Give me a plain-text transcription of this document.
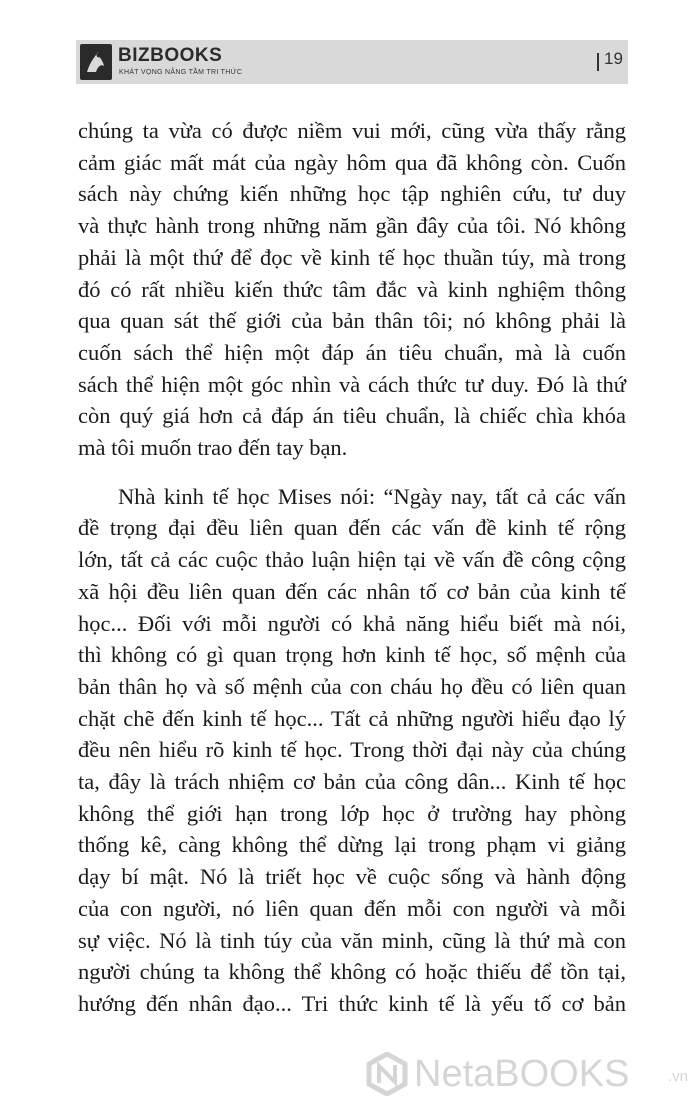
BIZBOOKS
KHÁT VỌNG NÂNG TẦM TRI THỨC
19
chúng ta vừa có được niềm vui mới, cũng vừa thấy rằng
cảm giác mất mát của ngày hôm qua đã không còn. Cuốn
sách này chứng kiến những học tập nghiên cứu, tư duy
và thực hành trong những năm gần đây của tôi. Nó không
phải là một thứ để đọc về kinh tế học thuần túy, mà trong
đó có rất nhiều kiến thức tâm đắc và kinh nghiệm thông
qua quan sát thế giới của bản thân tôi; nó không phải là
cuốn sách thể hiện một đáp án tiêu chuẩn, mà là cuốn
sách thể hiện một góc nhìn và cách thức tư duy. Đó là thứ
còn quý giá hơn cả đáp án tiêu chuẩn, là chiếc chìa khóa
mà tôi muốn trao đến tay bạn.
Nhà kinh tế học Mises nói: “Ngày nay, tất cả các vấn
đề trọng đại đều liên quan đến các vấn đề kinh tế rộng
lớn, tất cả các cuộc thảo luận hiện tại về vấn đề công cộng
xã hội đều liên quan đến các nhân tố cơ bản của kinh tế
học... Đối với mỗi người có khả năng hiểu biết mà nói,
thì không có gì quan trọng hơn kinh tế học, số mệnh của
bản thân họ và số mệnh của con cháu họ đều có liên quan
chặt chẽ đến kinh tế học... Tất cả những người hiểu đạo lý
đều nên hiểu rõ kinh tế học. Trong thời đại này của chúng
ta, đây là trách nhiệm cơ bản của công dân... Kinh tế học
không thể giới hạn trong lớp học ở trường hay phòng
thống kê, càng không thể dừng lại trong phạm vi giảng
dạy bí mật. Nó là triết học về cuộc sống và hành động
của con người, nó liên quan đến mỗi con người và mỗi
sự việc. Nó là tinh túy của văn minh, cũng là thứ mà con
người chúng ta không thể không có hoặc thiếu để tồn tại,
hướng đến nhân đạo... Tri thức kinh tế là yếu tố cơ bản
NetaBOOKS	.vn
